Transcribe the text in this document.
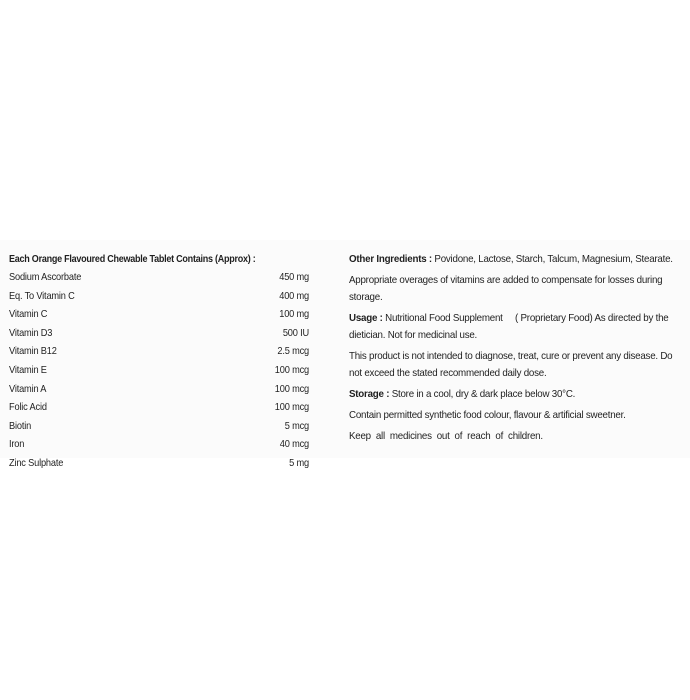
Each Orange Flavoured Chewable Tablet Contains (Approx) :
Sodium Ascorbate	450 mg
Eq. To Vitamin C	400 mg
Vitamin C	100 mg
Vitamin D3	500 IU
Vitamin B12	2.5 mcg
Vitamin E	100 mcg
Vitamin A	100 mcg
Folic Acid	100 mcg
Biotin	5 mcg
Iron	40 mcg
Zinc Sulphate	5 mg

Other Ingredients : Povidone, Lactose, Starch, Talcum, Magnesium, Stearate.

Appropriate overages of vitamins are added to compensate for losses during storage.

Usage : Nutritional Food Supplement     ( Proprietary Food) As directed by the
dietician. Not for medicinal use.

This product is not intended to diagnose, treat, cure or prevent any disease. Do not exceed the stated recommended daily dose.

Storage : Store in a cool, dry & dark place below 30°C.

Contain permitted synthetic food colour, flavour & artificial sweetner.

Keep  all  medicines  out  of  reach  of  children.
